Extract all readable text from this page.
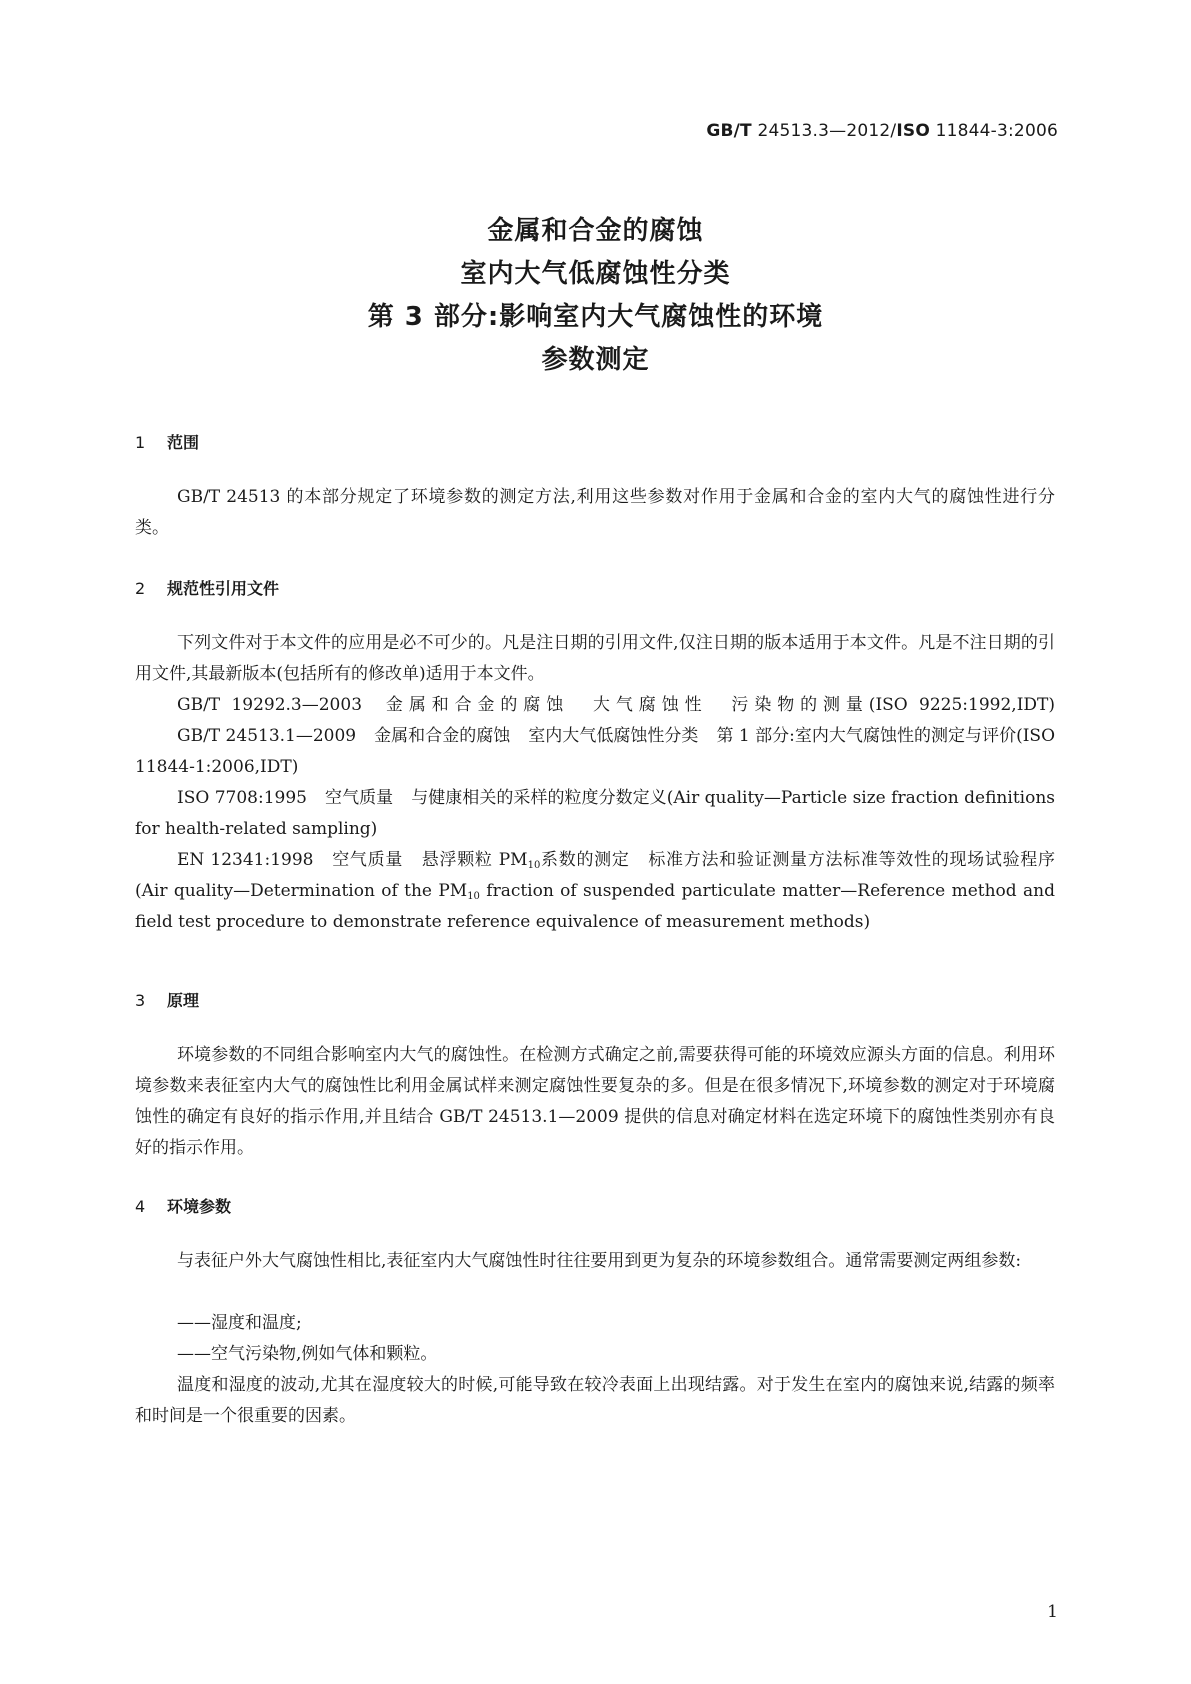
GB/T 24513.3—2012/ISO 11844-3:2006
金属和合金的腐蚀
室内大气低腐蚀性分类
第 3 部分:影响室内大气腐蚀性的环境
参数测定
1 范围

GB/T 24513 的本部分规定了环境参数的测定方法,利用这些参数对作用于金属和合金的室内大气的腐蚀性进行分类。

2 规范性引用文件

下列文件对于本文件的应用是必不可少的。凡是注日期的引用文件,仅注日期的版本适用于本文件。凡是不注日期的引用文件,其最新版本(包括所有的修改单)适用于本文件。

GB/T 19292.3—2003 金属和合金的腐蚀 大气腐蚀性 污染物的测量(ISO 9225:1992,IDT)

GB/T 24513.1—2009 金属和合金的腐蚀 室内大气低腐蚀性分类 第 1 部分:室内大气腐蚀性的测定与评价(ISO 11844-1:2006,IDT)

ISO 7708:1995 空气质量 与健康相关的采样的粒度分数定义(Air quality—Particle size fraction definitions for health-related sampling)

EN 12341:1998 空气质量 悬浮颗粒 $PM_{10}$系数的测定 标准方法和验证测量方法标准等效性的现场试验程序(Air quality—Determination of the $PM_{10}$ fraction of suspended particulate matter—Reference method and field test procedure to demonstrate reference equivalence of measurement methods)

3 原理

环境参数的不同组合影响室内大气的腐蚀性。在检测方式确定之前,需要获得可能的环境效应源头方面的信息。利用环境参数来表征室内大气的腐蚀性比利用金属试样来测定腐蚀性要复杂的多。但是在很多情况下,环境参数的测定对于环境腐蚀性的确定有良好的指示作用,并且结合 GB/T 24513.1—2009 提供的信息对确定材料在选定环境下的腐蚀性类别亦有良好的指示作用。

4 环境参数

与表征户外大气腐蚀性相比,表征室内大气腐蚀性时往往要用到更为复杂的环境参数组合。通常需要测定两组参数:

——湿度和温度;
——空气污染物,例如气体和颗粒。

温度和湿度的波动,尤其在湿度较大的时候,可能导致在较冷表面上出现结露。对于发生在室内的腐蚀来说,结露的频率和时间是一个很重要的因素。

1
